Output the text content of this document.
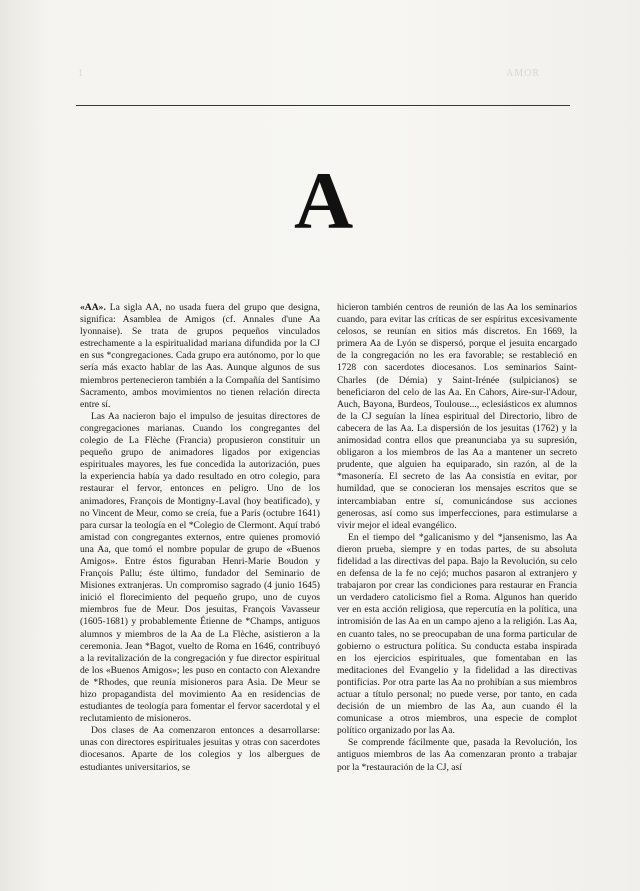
1	AMOR
A

«AA». La sigla AA, no usada fuera del grupo que designa, significa: Asamblea de Amigos (cf. Annales d'une Aa lyonnaise). Se trata de grupos pequeños vinculados estrechamente a la espiritualidad mariana difundida por la CJ en sus *congregaciones. Cada grupo era autónomo, por lo que sería más exacto hablar de las Aas. Aunque algunos de sus miembros pertenecieron también a la Compañía del Santísimo Sacramento, ambos movimientos no tienen relación directa entre sí.

Las Aa nacieron bajo el impulso de jesuitas directores de congregaciones marianas. Cuando los congregantes del colegio de La Flèche (Francia) propusieron constituir un pequeño grupo de animadores ligados por exigencias espirituales mayores, les fue concedida la autorización, pues la experiencia había ya dado resultado en otro colegio, para restaurar el fervor, entonces en peligro. Uno de los animadores, François de Montigny-Laval (hoy beatificado), y no Vincent de Meur, como se creía, fue a París (octubre 1641) para cursar la teología en el *Colegio de Clermont. Aquí trabó amistad con congregantes externos, entre quienes promovió una Aa, que tomó el nombre popular de grupo de «Buenos Amigos». Entre éstos figuraban Henri-Marie Boudon y François Pallu; éste último, fundador del Seminario de Misiones extranjeras. Un compromiso sagrado (4 junio 1645) inició el florecimiento del pequeño grupo, uno de cuyos miembros fue de Meur. Dos jesuitas, François Vavasseur (1605-1681) y probablemente Étienne de *Champs, antiguos alumnos y miembros de la Aa de La Flèche, asistieron a la ceremonia. Jean *Bagot, vuelto de Roma en 1646, contribuyó a la revitalización de la congregación y fue director espiritual de los «Buenos Amigos»; les puso en contacto con Alexandre de *Rhodes, que reunía misioneros para Asia. De Meur se hizo propagandista del movimiento Aa en residencias de estudiantes de teología para fomentar el fervor sacerdotal y el reclutamiento de misioneros.

Dos clases de Aa comenzaron entonces a desarrollarse: unas con directores espirituales jesuitas y otras con sacerdotes diocesanos. Aparte de los colegios y los albergues de estudiantes universitarios, se

hicieron también centros de reunión de las Aa los seminarios cuando, para evitar las críticas de ser espíritus excesivamente celosos, se reunían en sitios más discretos. En 1669, la primera Aa de Lyón se dispersó, porque el jesuita encargado de la congregación no les era favorable; se restableció en 1728 con sacerdotes diocesanos. Los seminarios Saint-Charles (de Démia) y Saint-Irénée (sulpicianos) se beneficiaron del celo de las Aa. En Cahors, Aire-sur-l'Adour, Auch, Bayona, Burdeos, Toulouse..., eclesiásticos ex alumnos de la CJ seguían la línea espiritual del Directorio, libro de cabecera de las Aa. La dispersión de los jesuitas (1762) y la animosidad contra ellos que preanunciaba ya su supresión, obligaron a los miembros de las Aa a mantener un secreto prudente, que alguien ha equiparado, sin razón, al de la *masonería. El secreto de las Aa consistía en evitar, por humildad, que se conocieran los mensajes escritos que se intercambiaban entre sí, comunicándose sus acciones generosas, así como sus imperfecciones, para estimularse a vivir mejor el ideal evangélico.

En el tiempo del *galicanismo y del *jansenismo, las Aa dieron prueba, siempre y en todas partes, de su absoluta fidelidad a las directivas del papa. Bajo la Revolución, su celo en defensa de la fe no cejó; muchos pasaron al extranjero y trabajaron por crear las condiciones para restaurar en Francia un verdadero catolicismo fiel a Roma. Algunos han querido ver en esta acción religiosa, que repercutía en la política, una intromisión de las Aa en un campo ajeno a la religión. Las Aa, en cuanto tales, no se preocupaban de una forma particular de gobierno o estructura política. Su conducta estaba inspirada en los ejercicios espirituales, que fomentaban en las meditaciones del Evangelio y la fidelidad a las directivas pontificias. Por otra parte las Aa no prohibían a sus miembros actuar a título personal; no puede verse, por tanto, en cada decisión de un miembro de las Aa, aun cuando él la comunicase a otros miembros, una especie de complot político organizado por las Aa.

Se comprende fácilmente que, pasada la Revolución, los antiguos miembros de las Aa comenzaran pronto a trabajar por la *restauración de la CJ, así
